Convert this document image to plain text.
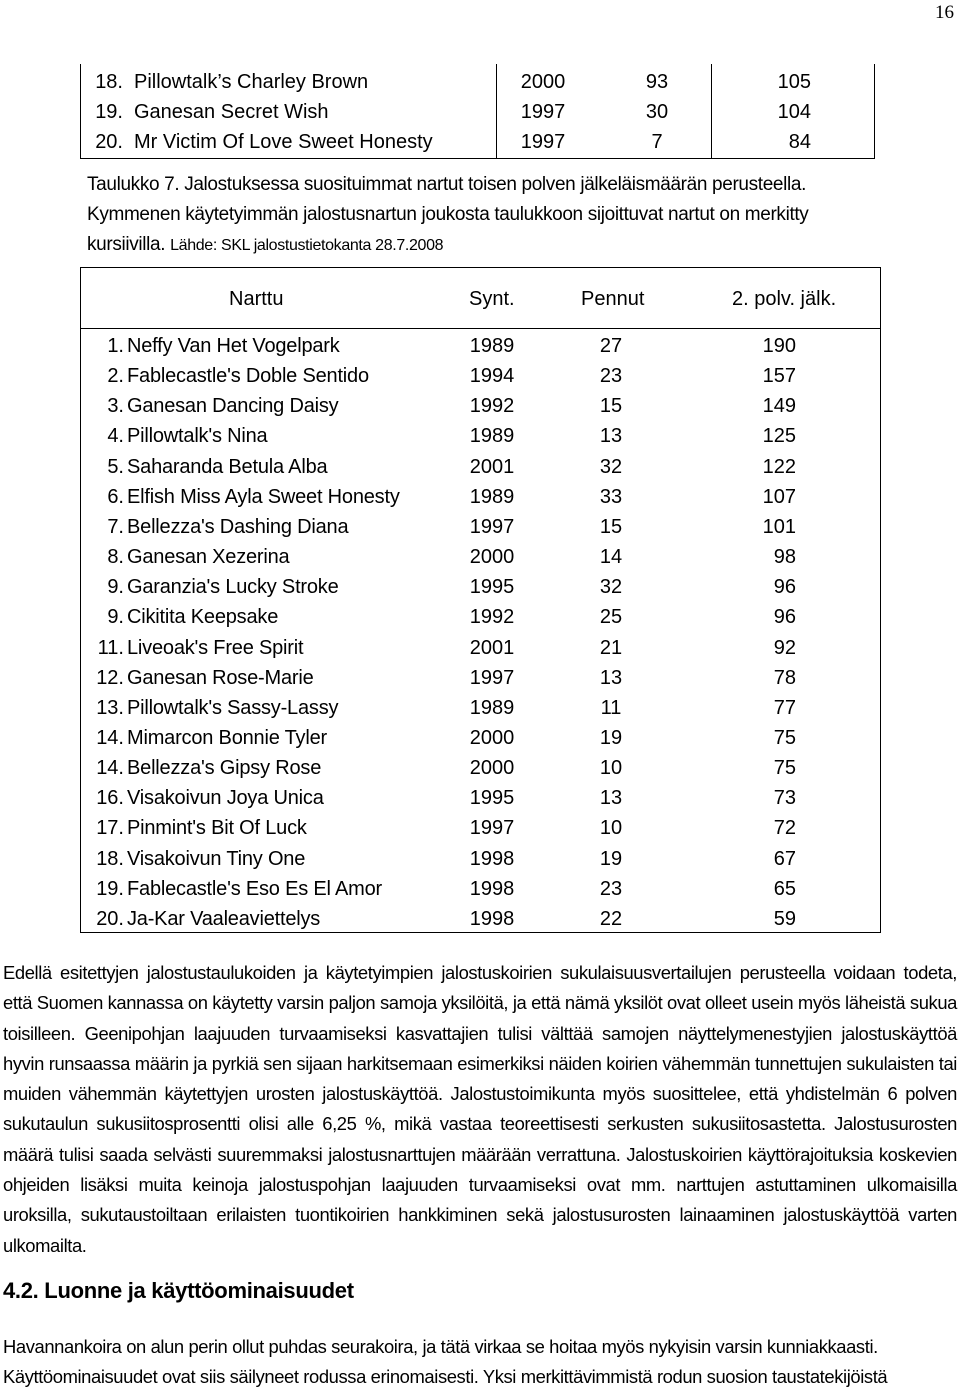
16
18. Pillowtalk’s Charley Brown	2000	93	105
19. Ganesan Secret Wish	1997	30	104
20. Mr Victim Of Love Sweet Honesty	1997	7	84
Taulukko 7. Jalostuksessa suosituimmat nartut toisen polven jälkeläismäärän perusteella. Kymmenen käytetyimmän jalostusnartun joukosta taulukkoon sijoittuvat nartut on merkitty kursiivilla. Lähde: SKL jalostustietokanta 28.7.2008
Narttu	Synt.	Pennut	2. polv. jälk.
1. Neffy Van Het Vogelpark	1989	27	190
2. Fablecastle's Doble Sentido	1994	23	157
3. Ganesan Dancing Daisy	1992	15	149
4. Pillowtalk's Nina	1989	13	125
5. Saharanda Betula Alba	2001	32	122
6. Elfish Miss Ayla Sweet Honesty	1989	33	107
7. Bellezza's Dashing Diana	1997	15	101
8. Ganesan Xezerina	2000	14	98
9. Garanzia's Lucky Stroke	1995	32	96
9. Cikitita Keepsake	1992	25	96
11. Liveoak's Free Spirit	2001	21	92
12. Ganesan Rose-Marie	1997	13	78
13. Pillowtalk's Sassy-Lassy	1989	11	77
14. Mimarcon Bonnie Tyler	2000	19	75
14. Bellezza's Gipsy Rose	2000	10	75
16. Visakoivun Joya Unica	1995	13	73
17. Pinmint's Bit Of Luck	1997	10	72
18. Visakoivun Tiny One	1998	19	67
19. Fablecastle's Eso Es El Amor	1998	23	65
20. Ja-Kar Vaaleaviettelys	1998	22	59
Edellä esitettyjen jalostustaulukoiden ja käytetyimpien jalostuskoirien sukulaisuusvertailujen perusteella voidaan todeta, että Suomen kannassa on käytetty varsin paljon samoja yksilöitä, ja että nämä yksilöt ovat olleet usein myös läheistä sukua toisilleen. Geenipohjan laajuuden turvaamiseksi kasvattajien tulisi välttää samojen näyttelymenestyjien jalostuskäyttöä hyvin runsaassa määrin ja pyrkiä sen sijaan harkitsemaan esimerkiksi näiden koirien vähemmän tunnettujen sukulaisten tai muiden vähemmän käytettyjen urosten jalostuskäyttöä. Jalostustoimikunta myös suosittelee, että yhdistelmän 6 polven sukutaulun sukusiitosprosentti olisi alle 6,25 %, mikä vastaa teoreettisesti serkusten sukusiitosastetta. Jalostusurosten määrä tulisi saada selvästi suuremmaksi jalostusnarttujen määrään verrattuna. Jalostuskoirien käyttörajoituksia koskevien ohjeiden lisäksi muita keinoja jalostuspohjan laajuuden turvaamiseksi ovat mm. narttujen astuttaminen ulkomaisilla uroksilla, sukutaustoiltaan erilaisten tuontikoirien hankkiminen sekä jalostusurosten lainaaminen jalostuskäyttöä varten ulkomailta.
4.2. Luonne ja käyttöominaisuudet
Havannankoira on alun perin ollut puhdas seurakoira, ja tätä virkaa se hoitaa myös nykyisin varsin kunniakkaasti. Käyttöominaisuudet ovat siis säilyneet rodussa erinomaisesti. Yksi merkittävimmistä rodun suosion taustatekijöistä
